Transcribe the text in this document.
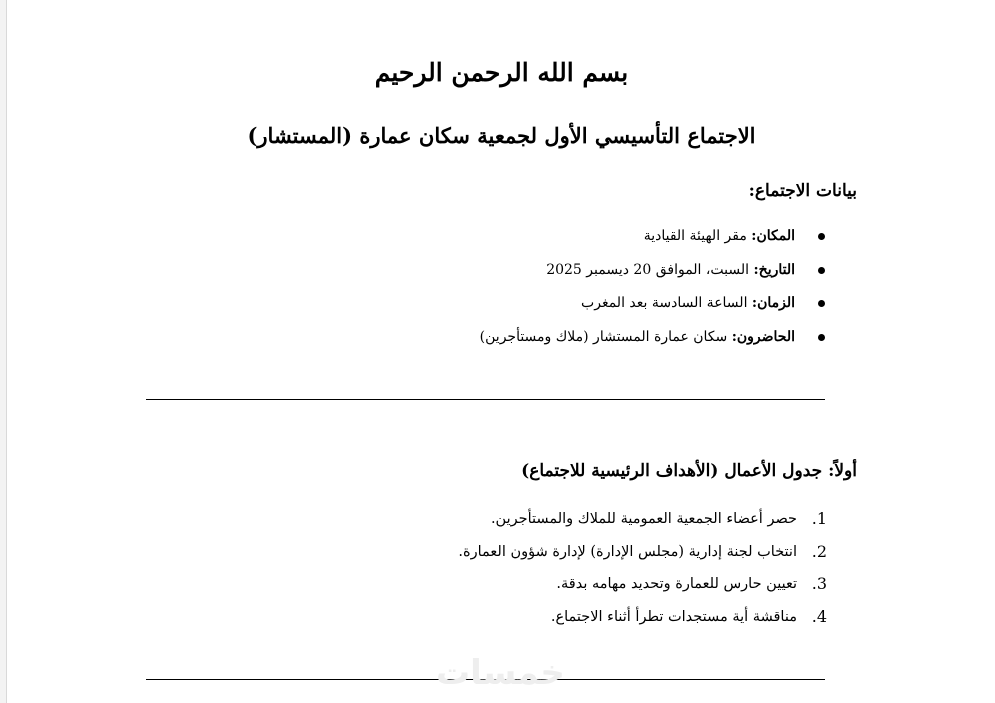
بسم الله الرحمن الرحيم
الاجتماع التأسيسي الأول لجمعية سكان عمارة (المستشار)
بيانات الاجتماع:
المكان: مقر الهيئة القيادية
التاريخ: السبت، الموافق 20 ديسمبر 2025
الزمان: الساعة السادسة بعد المغرب
الحاضرون: سكان عمارة المستشار (ملاك ومستأجرين)
أولاً: جدول الأعمال (الأهداف الرئيسية للاجتماع)
1.
حصر أعضاء الجمعية العمومية للملاك والمستأجرين.
2.
انتخاب لجنة إدارية (مجلس الإدارة) لإدارة شؤون العمارة.
3.
تعيين حارس للعمارة وتحديد مهامه بدقة.
4.
مناقشة أية مستجدات تطرأ أثناء الاجتماع.
خمسات
